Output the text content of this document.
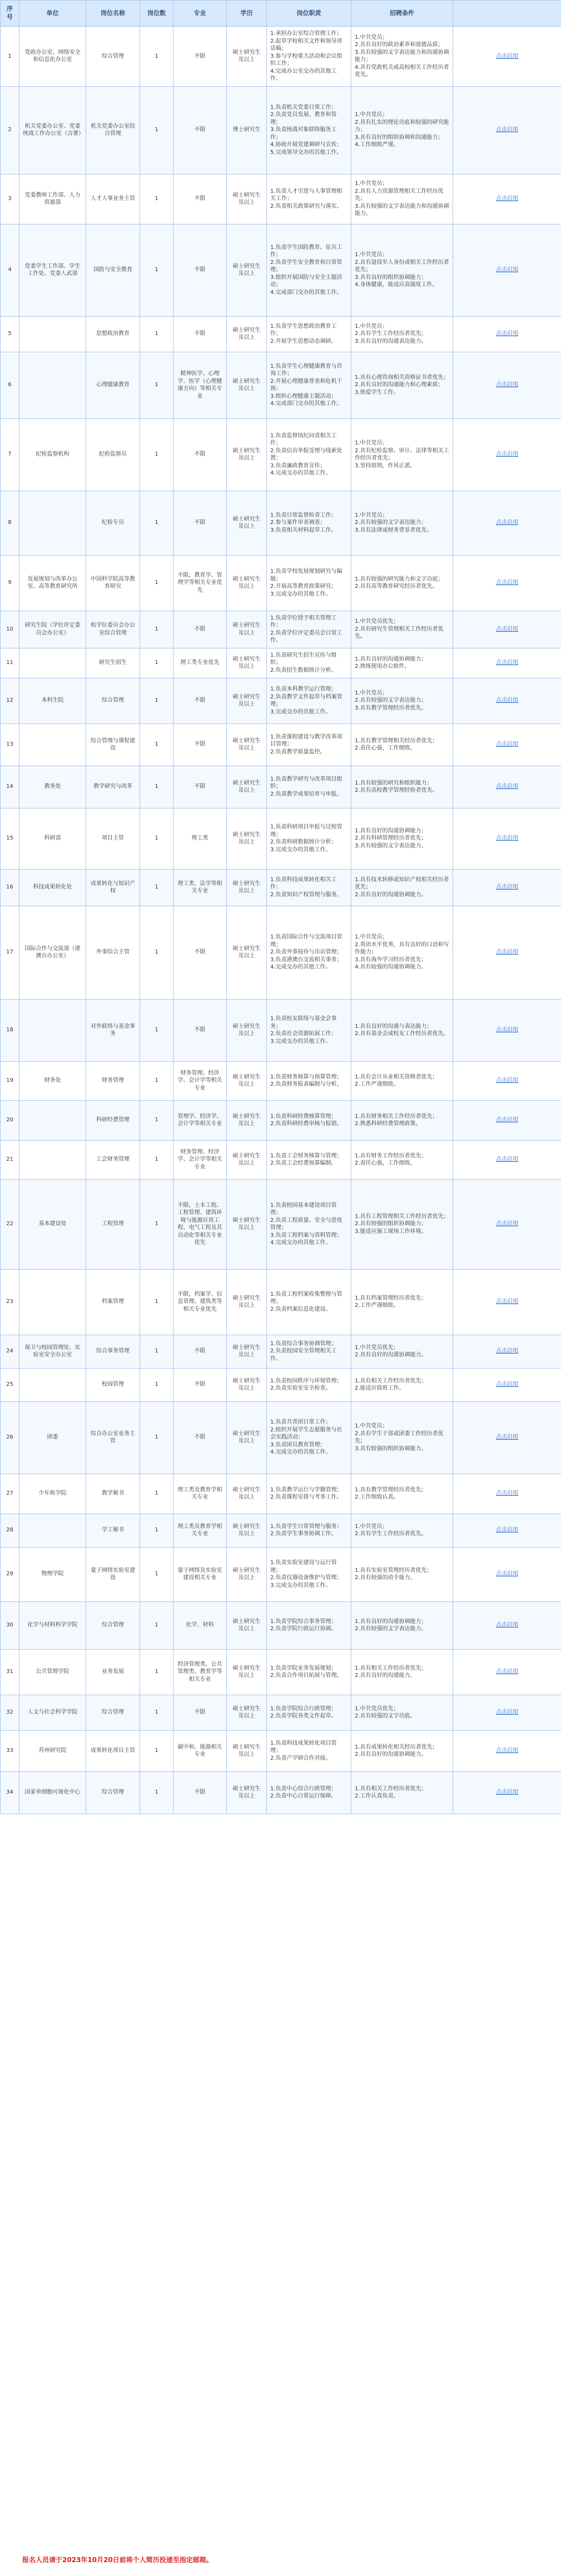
序号	单位	岗位名称	岗位数	专业	学历	岗位职责	招聘条件	
1	党政办公室、网络安全和信息化办公室	综合管理	1	不限	硕士研究生及以上	1.承担办公室综合管理工作；
2.起草学校相关文件和领导讲话稿；
3.参与学校重大活动和会议组织工作；
4.完成办公室交办的其他工作。	1.中共党员；
2.具有良好的政治素养和道德品质；
3.具有较强的文字表达能力和沟通协调能力；
4.具有党政机关或高校相关工作经历者优先。	点击启用
2	机关党委办公室、党委统战工作办公室（合署）	机关党委办公室综合管理	1	不限	博士研究生	1.负责机关党委日常工作；
2.负责党员发展、教育和管理；
3.负责统战对象联络服务工作；
4.协助开展党建调研与宣传；
5.完成领导交办的其他工作。	1.中共党员；
2.具有扎实的理论功底和较强的研究能力；
3.具有良好的组织协调和沟通能力；
4.工作细致严谨。	点击启用
3	党委教师工作部、人力资源部	人才人事业务主管	1	不限	硕士研究生及以上	1.负责人才引进与人事管理相关工作；
2.负责相关政策研究与落实。	1.中共党员；
2.具有人力资源管理相关工作经历优先；
3.具有较强的文字表达能力和沟通协调能力。	点击启用
4	党委学生工作部、学生工作处、党委人武部	国防与安全教育	1	不限	硕士研究生及以上	1.负责学生国防教育、征兵工作；
2.负责学生安全教育和日常管理；
3.组织开展国防与安全主题活动；
4.完成部门交办的其他工作。	1.中共党员；
2.具有退役军人身份或相关工作经历者优先；
3.具有良好的组织协调能力；
4.身体健康，能适应高强度工作。	点击启用
5		思想政治教育	1	不限	硕士研究生及以上	1.负责学生思想政治教育工作；
2.开展学生思想动态调研。	1.中共党员；
2.具有学生工作经历者优先；
3.具有良好的沟通表达能力。	点击启用
6		心理健康教育	1	精神医学、心理学、医学（心理健康方向）等相关专业	硕士研究生及以上	1.负责学生心理健康教育与咨询工作；
2.开展心理健康普查和危机干预；
3.组织心理健康主题活动；
4.完成部门交办的其他工作。	1.具有心理咨询相关资格证书者优先；
2.具有良好的沟通能力和心理素质；
3.热爱学生工作。	点击启用
7	纪检监察机构	纪检监察员	1	不限	硕士研究生及以上	1.负责监督执纪问责相关工作；
2.负责信访举报受理与线索处置；
3.负责廉政教育宣传；
4.完成交办的其他工作。	1.中共党员；
2.具有纪检监察、审计、法律等相关工作经历者优先；
3.坚持原则，作风正派。	点击启用
8		纪检专员	1	不限	硕士研究生及以上	1.负责日常监督检查工作；
2.参与案件审查调查；
3.负责相关材料起草工作。	1.中共党员；
2.具有较强的文字表达能力；
3.具有法律或财务背景者优先。	点击启用
9	发展规划与改革办公室、高等教育研究所	中国科学院高等教育研究	1	不限，教育学、管理学等相关专业优先	硕士研究生及以上	1.负责学校发展规划研究与编制；
2.开展高等教育政策研究；
3.完成交办的其他工作。	1.具有较强的研究能力和文字功底；
2.具有高等教育研究经历者优先。	点击启用
10	研究生院（学位评定委员会办公室）	校学位委员会办公室综合管理	1	不限	硕士研究生及以上	1.负责学位授予相关管理工作；
2.负责学位评定委员会日常工作。	1.中共党员优先；
2.具有研究生管理相关工作经历者优先。	点击启用
11		研究生招生	1	理工类专业优先	硕士研究生及以上	1.负责研究生招生宣传与组织；
2.负责招生数据统计分析。	1.具有良好的沟通协调能力；
2.熟练使用办公软件。	点击启用
12	本科生院	综合管理	1	不限	硕士研究生及以上	1.负责本科教学运行管理；
2.负责教学文件起草与档案管理；
3.完成交办的其他工作。	1.中共党员；
2.具有较强的文字表达能力；
3.具有教学管理经历者优先。	点击启用
13		综合管理与课程建设	1	不限	硕士研究生及以上	1.负责课程建设与教学改革项目管理；
2.负责教学质量监控。	1.具有教学管理相关经历者优先；
2.责任心强，工作细致。	点击启用
14	教务处	教学研究与改革	1	不限	硕士研究生及以上	1.负责教学研究与改革项目组织；
2.负责教学成果培育与申报。	1.具有较强的研究和组织能力；
2.具有高校教学管理经验者优先。	点击启用
15	科研部	项目主管	1	理工类	硕士研究生及以上	1.负责科研项目申报与过程管理；
2.负责科研数据统计分析；
3.完成交办的其他工作。	1.具有良好的沟通协调能力；
2.具有科研管理经历者优先；
3.具有较强的文字表达能力。	点击启用
16	科技成果转化处	成果转化与知识产权	1	理工类、法学等相关专业	硕士研究生及以上	1.负责科技成果转化相关工作；
2.负责知识产权管理与服务。	1.具有技术转移或知识产权相关经历者优先；
2.具有良好的沟通协调能力。	点击启用
17	国际合作与交流部（港澳台办公室）	外事综合主管	1	不限	硕士研究生及以上	1.负责国际合作与交流项目管理；
2.负责外事接待与出访管理；
3.负责港澳台交流相关事务；
4.完成交办的其他工作。	1.中共党员；
2.英语水平优秀，具有良好的口语和写作能力；
3.具有海外学习经历者优先；
4.具有较强的沟通协调能力。	点击启用
18		对外联络与基金事务	1	不限	硕士研究生及以上	1.负责校友联络与基金会事务；
2.负责社会资源拓展工作；
3.完成交办的其他工作。	1.具有良好的沟通与表达能力；
2.具有基金会或校友工作经历者优先。	点击启用
19	财务处	财务管理	1	财务管理、经济学、会计学等相关专业	硕士研究生及以上	1.负责财务核算与预算管理；
2.负责财务报表编制与分析。	1.具有会计从业相关资格者优先；
2.工作严谨细致。	点击启用
20		科研经费管理	1	管理学、经济学、会计学等相关专业	硕士研究生及以上	1.负责科研经费核算管理；
2.负责科研经费审核与报销。	1.具有财务相关工作经历者优先；
2.熟悉科研经费管理政策。	点击启用
21		工会财务管理	1	财务管理、经济学、会计学等相关专业	硕士研究生及以上	1.负责工会财务核算与管理；
2.负责工会经费预算编制。	1.具有财务工作经历者优先；
2.责任心强，工作细致。	点击启用
22	基本建设处	工程管理	1	不限，土木工程、工程管理、建筑环境与能源应用工程、电气工程及其自动化等相关专业优先	硕士研究生及以上	1.负责校园基本建设项目管理；
2.负责工程质量、安全与进度管理；
3.负责工程档案与资料管理；
4.完成交办的其他工作。	1.具有工程管理相关工作经历者优先；
2.具有较强的组织协调能力；
3.能适应施工现场工作环境。	点击启用
23		档案管理	1	不限，档案学、信息管理、建筑类等相关专业优先	硕士研究生及以上	1.负责工程档案收集整理与管理；
2.负责档案信息化建设。	1.具有档案管理经历者优先；
2.工作严谨细致。	点击启用
24	保卫与校园管理处、实验室安全办公室	综合事务管理	1	不限	硕士研究生及以上	1.负责综合事务协调管理；
2.负责校园安全管理相关工作。	1.中共党员优先；
2.具有良好的沟通协调能力。	点击启用
25		校园管理	1	不限	硕士研究生及以上	1.负责校园秩序与环境管理；
2.负责实验室安全检查。	1.具有相关工作经历者优先；
2.能适应值班工作。	点击启用
26	团委	综合办公室业务主管	1	不限	硕士研究生及以上	1.负责共青团日常工作；
2.组织开展学生志愿服务与社会实践活动；
3.负责团员教育管理；
4.完成交办的其他工作。	1.中共党员；
2.具有学生干部或团委工作经历者优先；
3.具有较强的组织协调能力。	点击启用
27	少年班学院	教学秘书	1	理工类及教育学相关专业	硕士研究生及以上	1.负责教学运行与学籍管理；
2.负责课程安排与考务工作。	1.具有教学管理经历者优先；
2.工作细致认真。	点击启用
28		学工秘书	1	理工类及教育学相关专业	硕士研究生及以上	1.负责学生日常管理与服务；
2.负责学生事务协调工作。	1.中共党员；
2.具有学生工作经历者优先。	点击启用
29	物理学院	量子网络实验室建设	1	量子网络及实验室建设相关专业	硕士研究生及以上	1.负责实验室建设与运行管理；
2.负责仪器设备维护与管理；
3.完成交办的其他工作。	1.具有实验室管理经历者优先；
2.具有较强的动手能力。	点击启用
30	化学与材料科学学院	综合管理	1	化学、材料	硕士研究生及以上	1.负责学院综合事务管理；
2.负责学院行政运行协调。	1.具有良好的沟通协调能力；
2.具有较强的文字表达能力。	点击启用
31	公共管理学院	业务发展	1	经济管理类、公共管理类、教育学等相关专业	硕士研究生及以上	1.负责学院业务发展规划；
2.负责合作项目拓展与管理。	1.具有相关工作经历者优先；
2.具有良好的沟通能力。	点击启用
32	人文与社会科学学院	综合管理	1	不限	硕士研究生及以上	1.负责学院综合行政管理；
2.负责学院各类文件起草。	1.中共党员优先；
2.具有较强的文字功底。	点击启用
33	苏州研究院	成果转化项目主管	1	碳中和、能源相关专业	硕士研究生及以上	1.负责科技成果转化项目管理；
2.负责产学研合作对接。	1.具有成果转化相关经历者优先；
2.具有良好的沟通协调能力。	点击启用
34	国家单细胞可视化中心	综合管理	1	不限	硕士研究生及以上	1.负责中心综合行政管理；
2.负责中心日常运行保障。	1.具有相关工作经历者优先；
2.工作认真负责。	点击启用
报名人员请于2023年10月20日前将个人简历投递至指定邮箱。
